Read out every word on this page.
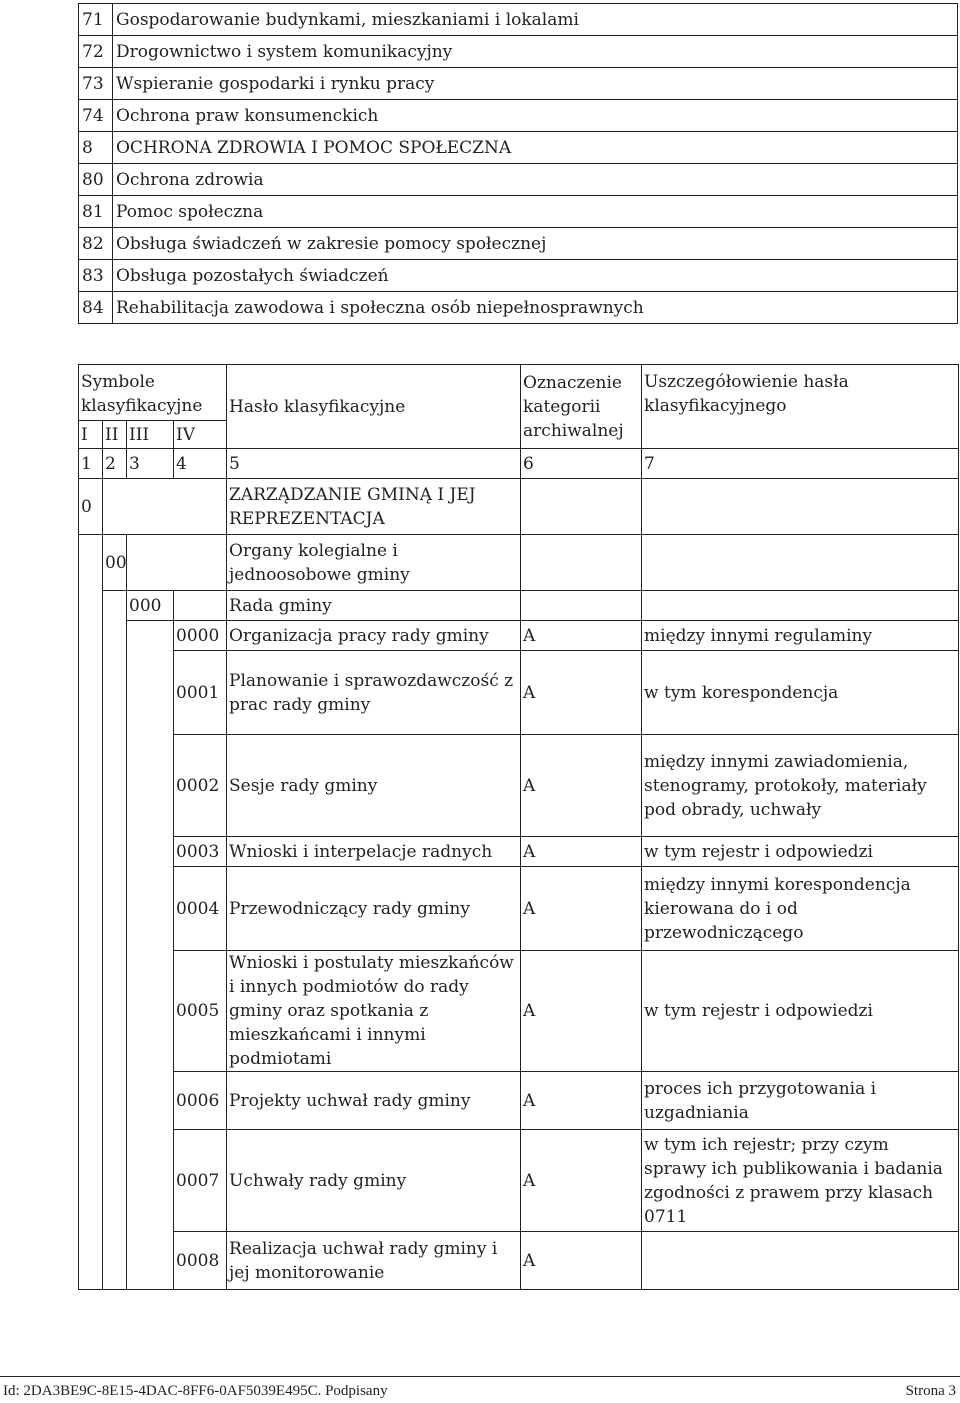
71	Gospodarowanie budynkami, mieszkaniami i lokalami
72	Drogownictwo i system komunikacyjny
73	Wspieranie gospodarki i rynku pracy
74	Ochrona praw konsumenckich
8	OCHRONA ZDROWIA I POMOC SPOŁECZNA
80	Ochrona zdrowia
81	Pomoc społeczna
82	Obsługa świadczeń w zakresie pomocy społecznej
83	Obsługa pozostałych świadczeń
84	Rehabilitacja zawodowa i społeczna osób niepełnosprawnych
Symbole klasyfikacyjne				Hasło klasyfikacyjne	Oznaczenie kategorii archiwalnej	Uszczegółowienie hasła klasyfikacyjnego
I	II	III	IV			
1	2	3	4	5	6	7
0				ZARZĄDZANIE GMINĄ I JEJ REPREZENTACJA		
	00			Organy kolegialne i jednoosobowe gminy		
		000		Rada gminy		
			0000	Organizacja pracy rady gminy	A	między innymi regulaminy
			0001	Planowanie i sprawozdawczość z prac rady gminy	A	w tym korespondencja
			0002	Sesje rady gminy	A	między innymi zawiadomienia, stenogramy, protokoły, materiały pod obrady, uchwały
			0003	Wnioski i interpelacje radnych	A	w tym rejestr i odpowiedzi
			0004	Przewodniczący rady gminy	A	między innymi korespondencja kierowana do i od przewodniczącego
			0005	Wnioski i postulaty mieszkańców i innych podmiotów do rady gminy oraz spotkania z mieszkańcami i innymi podmiotami	A	w tym rejestr i odpowiedzi
			0006	Projekty uchwał rady gminy	A	proces ich przygotowania i uzgadniania
			0007	Uchwały rady gminy	A	w tym ich rejestr; przy czym sprawy ich publikowania i badania zgodności z prawem przy klasach 0711
			0008	Realizacja uchwał rady gminy i jej monitorowanie	A	
Id: 2DA3BE9C-8E15-4DAC-8FF6-0AF5039E495C. Podpisany	Strona 3
